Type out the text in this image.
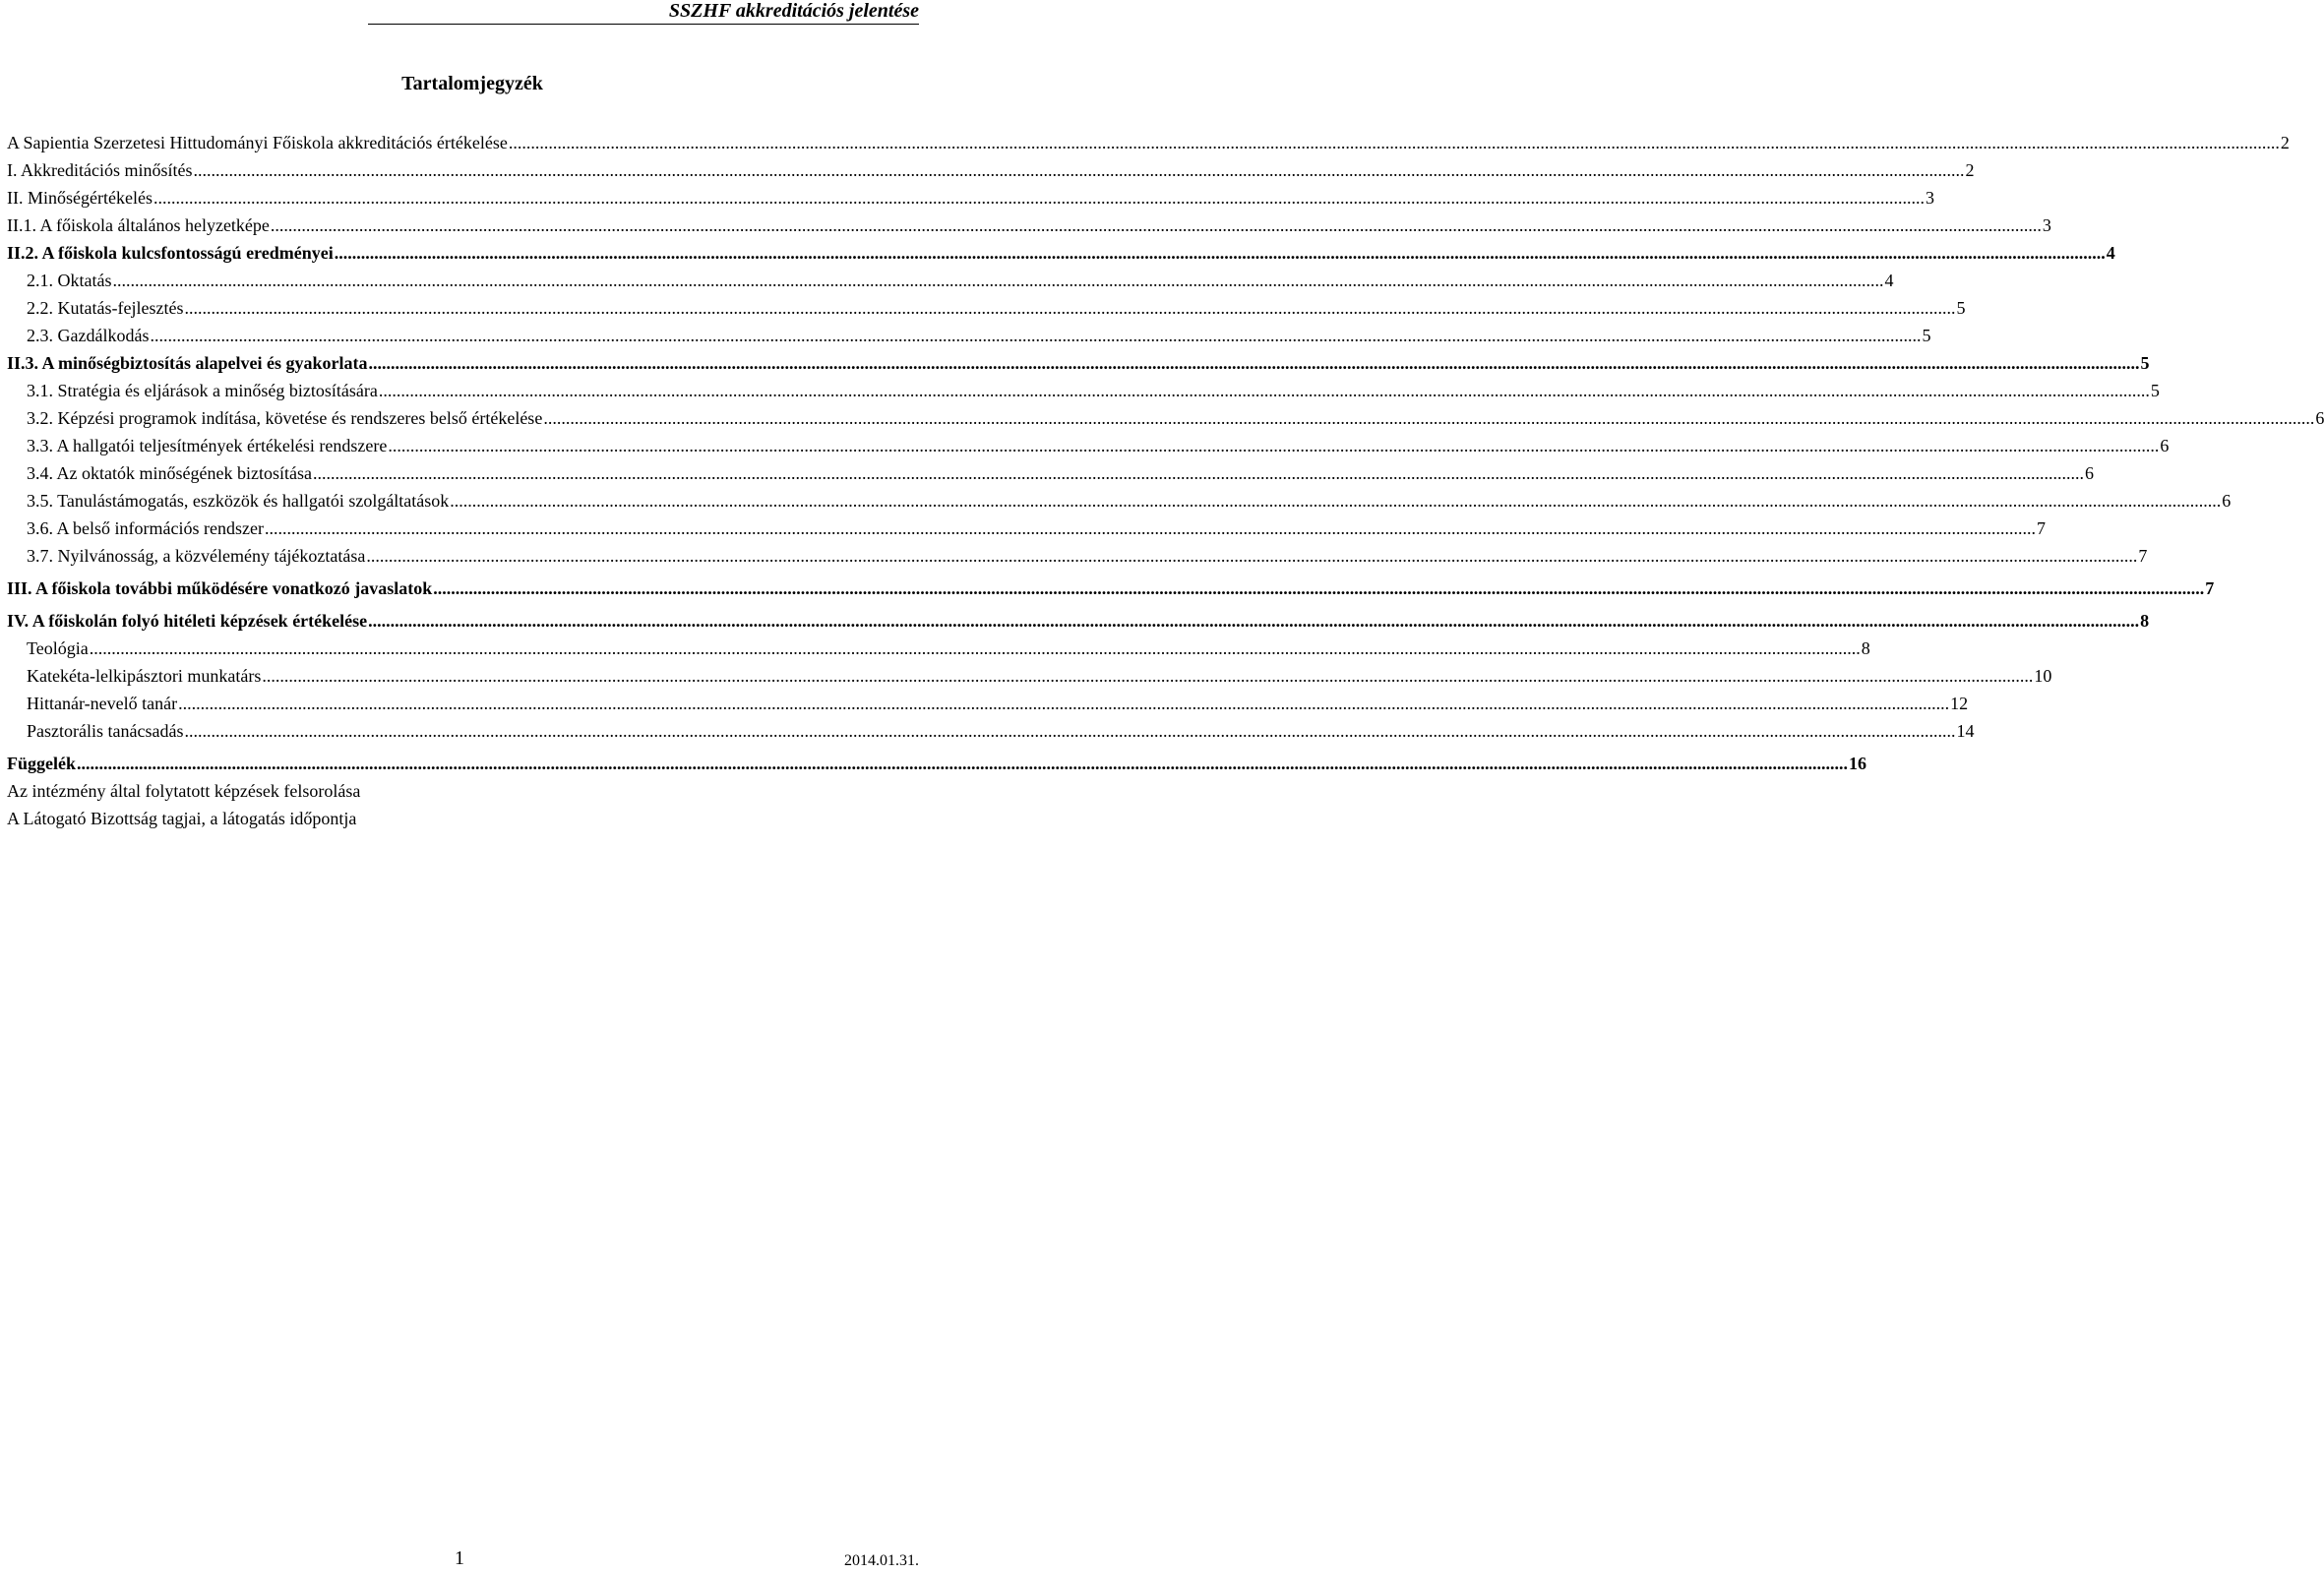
SSZHF akkreditációs jelentése
Tartalomjegyzék
A Sapientia Szerzetesi Hittudományi Főiskola akkreditációs értékelése ................................................................................................................................................................................................................................................................................................................................................................................................................ 2
I. Akkreditációs minősítés ................................................................................................................................................................................................................................................................................................................................................................................................................ 2
II. Minőségértékelés ................................................................................................................................................................................................................................................................................................................................................................................................................ 3
II.1. A főiskola általános helyzetképe ................................................................................................................................................................................................................................................................................................................................................................................................................ 3
II.2. A főiskola kulcsfontosságú eredményei ................................................................................................................................................................................................................................................................................................................................................................................................................ 4
2.1. Oktatás ................................................................................................................................................................................................................................................................................................................................................................................................................ 4
2.2. Kutatás-fejlesztés ................................................................................................................................................................................................................................................................................................................................................................................................................ 5
2.3. Gazdálkodás ................................................................................................................................................................................................................................................................................................................................................................................................................ 5
II.3. A minőségbiztosítás alapelvei és gyakorlata ................................................................................................................................................................................................................................................................................................................................................................................................................ 5
3.1. Stratégia és eljárások a minőség biztosítására ................................................................................................................................................................................................................................................................................................................................................................................................................ 5
3.2. Képzési programok indítása, követése és rendszeres belső értékelése ................................................................................................................................................................................................................................................................................................................................................................................................................ 6
3.3. A hallgatói teljesítmények értékelési rendszere ................................................................................................................................................................................................................................................................................................................................................................................................................ 6
3.4. Az oktatók minőségének biztosítása ................................................................................................................................................................................................................................................................................................................................................................................................................ 6
3.5. Tanulástámogatás, eszközök és hallgatói szolgáltatások ................................................................................................................................................................................................................................................................................................................................................................................................................ 6
3.6. A belső információs rendszer ................................................................................................................................................................................................................................................................................................................................................................................................................ 7
3.7. Nyilvánosság, a közvélemény tájékoztatása ................................................................................................................................................................................................................................................................................................................................................................................................................ 7
III. A főiskola további működésére vonatkozó javaslatok ................................................................................................................................................................................................................................................................................................................................................................................................................ 7
IV. A főiskolán folyó hitéleti képzések értékelése ................................................................................................................................................................................................................................................................................................................................................................................................................ 8
Teológia ................................................................................................................................................................................................................................................................................................................................................................................................................ 8
Katekéta-lelkipásztori munkatárs ................................................................................................................................................................................................................................................................................................................................................................................................................ 10
Hittanár-nevelő tanár ................................................................................................................................................................................................................................................................................................................................................................................................................ 12
Pasztorális tanácsadás ................................................................................................................................................................................................................................................................................................................................................................................................................ 14
Függelék ................................................................................................................................................................................................................................................................................................................................................................................................................ 16
Az intézmény által folytatott képzések felsorolása
A Látogató Bizottság tagjai, a látogatás időpontja
1	2014.01.31.
